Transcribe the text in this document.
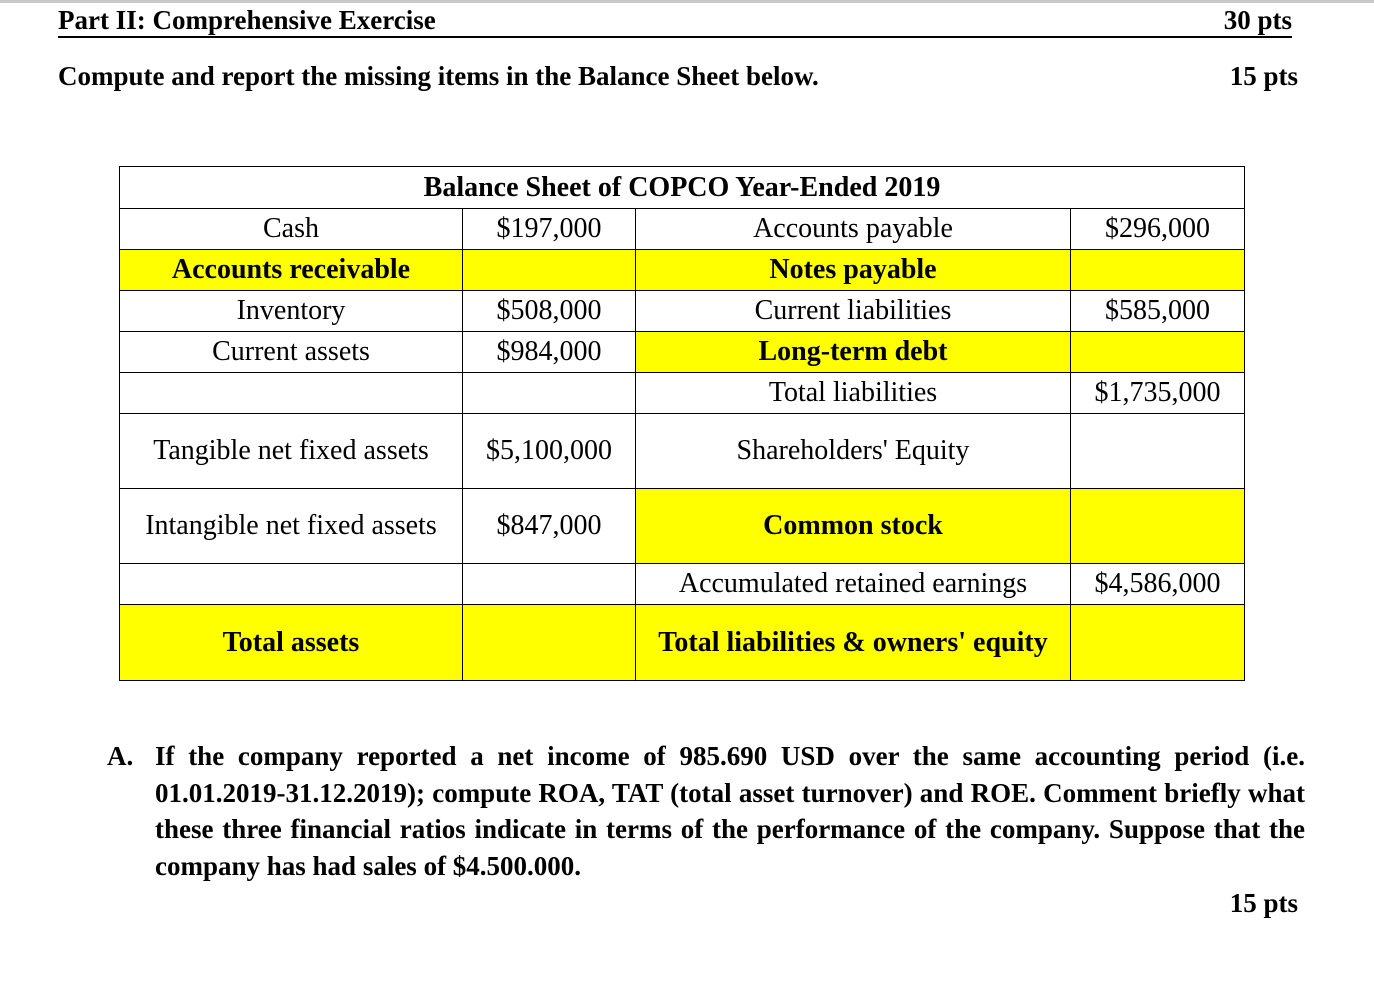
Part II: Comprehensive Exercise	30 pts
Compute and report the missing items in the Balance Sheet below.	15 pts
Balance Sheet of COPCO Year-Ended 2019			
Cash	$197,000	Accounts payable	$296,000
Accounts receivable		Notes payable	
Inventory	$508,000	Current liabilities	$585,000
Current assets	$984,000	Long-term debt	
		Total liabilities	$1,735,000
Tangible net fixed assets	$5,100,000	Shareholders' Equity	
Intangible net fixed assets	$847,000	Common stock	
		Accumulated retained earnings	$4,586,000
Total assets		Total liabilities & owners' equity	
A. If the company reported a net income of 985.690 USD over the same accounting period (i.e. 01.01.2019-31.12.2019); compute ROA, TAT (total asset turnover) and ROE. Comment briefly what these three financial ratios indicate in terms of the performance of the company. Suppose that the company has had sales of $4.500.000.
15 pts
